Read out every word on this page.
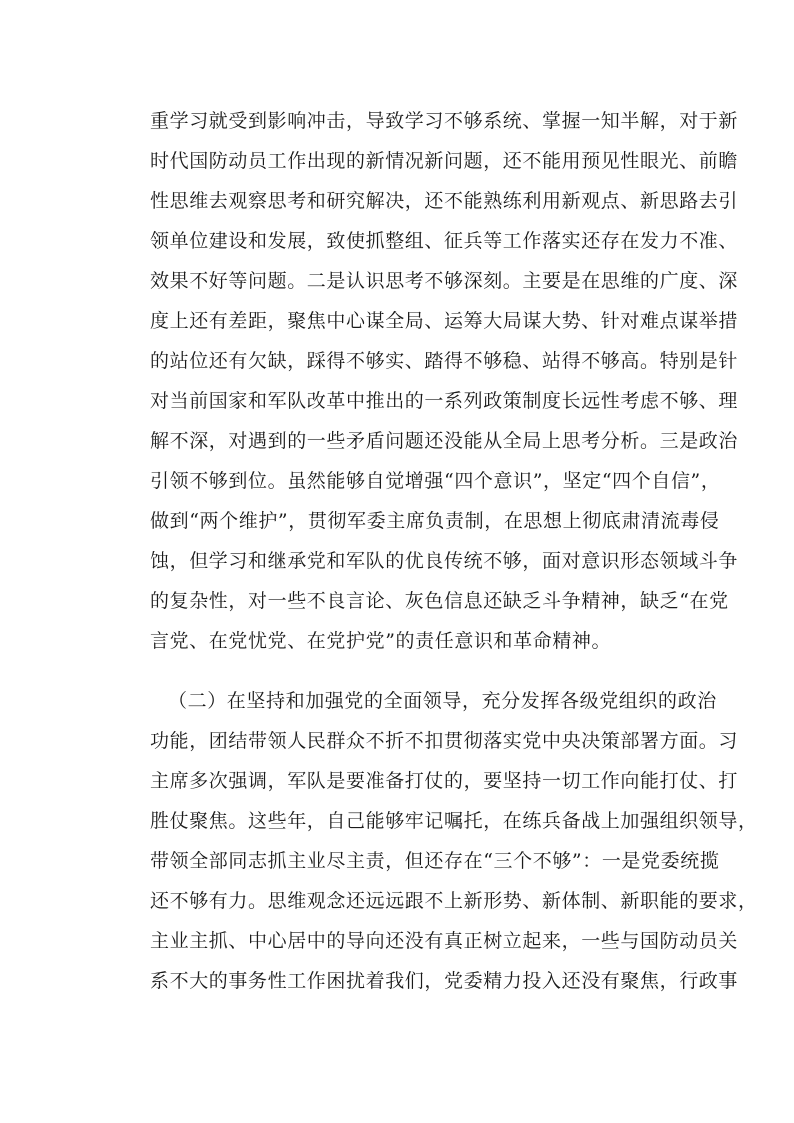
重学习就受到影响冲击，导致学习不够系统、掌握一知半解，对于新
时代国防动员工作出现的新情况新问题，还不能用预见性眼光、前瞻
性思维去观察思考和研究解决，还不能熟练利用新观点、新思路去引
领单位建设和发展，致使抓整组、征兵等工作落实还存在发力不准、
效果不好等问题。二是认识思考不够深刻。主要是在思维的广度、深
度上还有差距，聚焦中心谋全局、运筹大局谋大势、针对难点谋举措
的站位还有欠缺，踩得不够实、踏得不够稳、站得不够高。特别是针
对当前国家和军队改革中推出的一系列政策制度长远性考虑不够、理
解不深，对遇到的一些矛盾问题还没能从全局上思考分析。三是政治
引领不够到位。虽然能够自觉增强“四个意识”，坚定“四个自信”，
做到“两个维护”，贯彻军委主席负责制，在思想上彻底肃清流毒侵
蚀，但学习和继承党和军队的优良传统不够，面对意识形态领域斗争
的复杂性，对一些不良言论、灰色信息还缺乏斗争精神，缺乏“在党
言党、在党忧党、在党护党”的责任意识和革命精神。
（二）在坚持和加强党的全面领导，充分发挥各级党组织的政治
功能，团结带领人民群众不折不扣贯彻落实党中央决策部署方面。习
主席多次强调，军队是要准备打仗的，要坚持一切工作向能打仗、打
胜仗聚焦。这些年，自己能够牢记嘱托，在练兵备战上加强组织领导，
带领全部同志抓主业尽主责，但还存在“三个不够”：一是党委统揽
还不够有力。思维观念还远远跟不上新形势、新体制、新职能的要求，
主业主抓、中心居中的导向还没有真正树立起来，一些与国防动员关
系不大的事务性工作困扰着我们，党委精力投入还没有聚焦，行政事
